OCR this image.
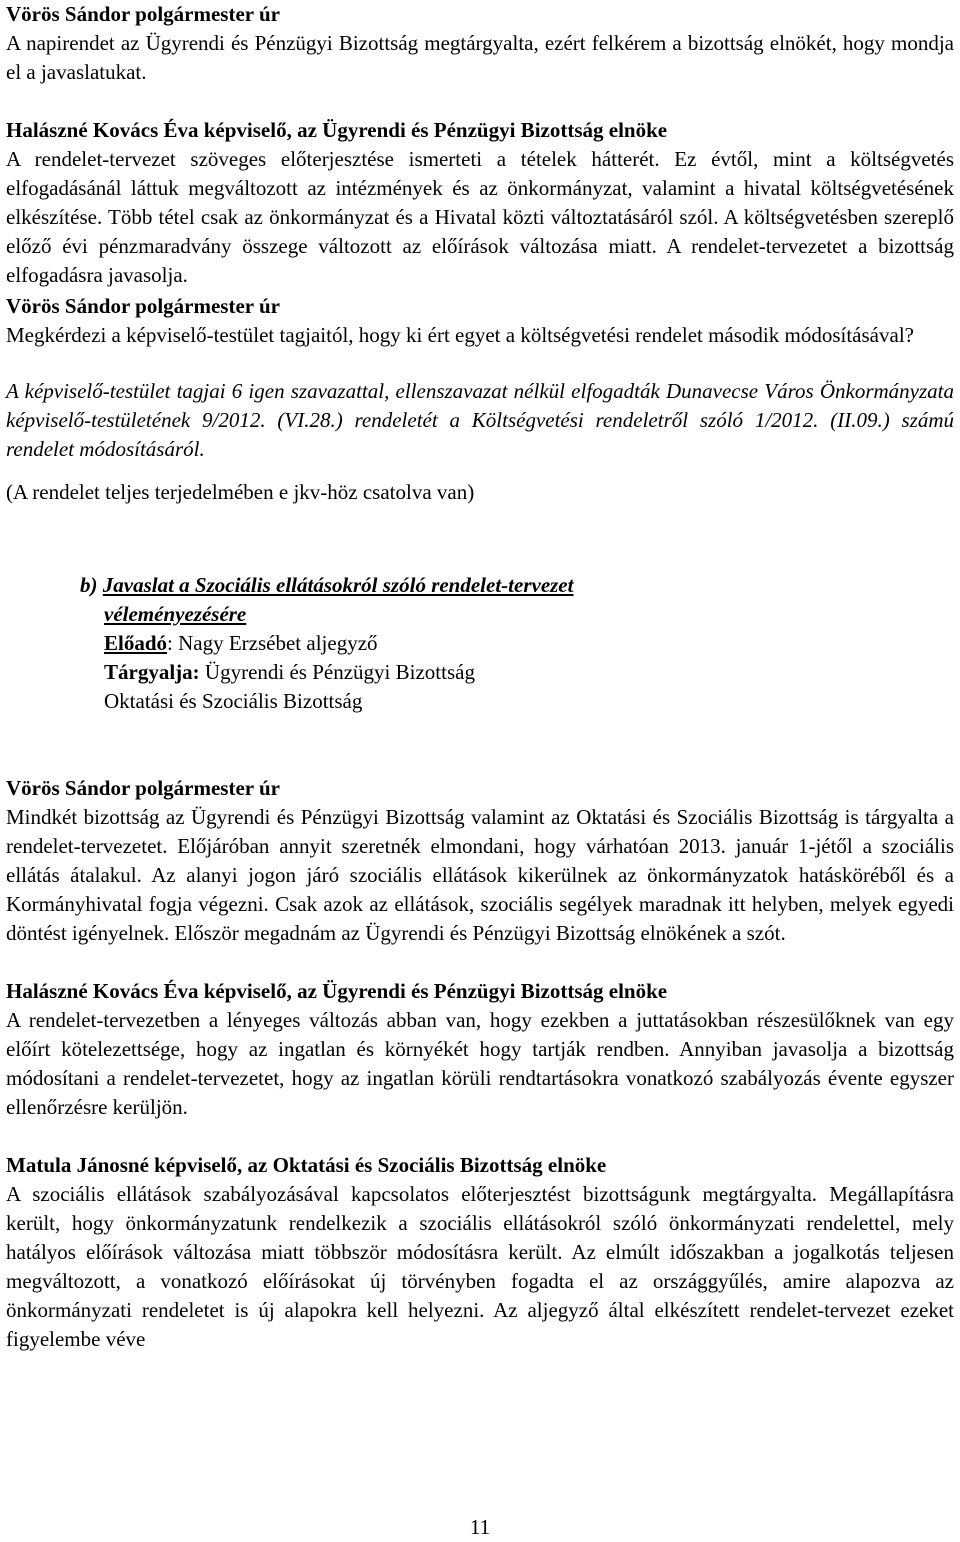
Vörös Sándor polgármester úr

A napirendet az Ügyrendi és Pénzügyi Bizottság megtárgyalta, ezért felkérem a bizottság elnökét, hogy mondja el a javaslatukat.

Halászné Kovács Éva képviselő, az Ügyrendi és Pénzügyi Bizottság elnöke

A rendelet-tervezet szöveges előterjesztése ismerteti a tételek hátterét. Ez évtől, mint a költségvetés elfogadásánál láttuk megváltozott az intézmények és az önkormányzat, valamint a hivatal költségvetésének elkészítése. Több tétel csak az önkormányzat és a Hivatal közti változtatásáról szól. A költségvetésben szereplő előző évi pénzmaradvány összege változott az előírások változása miatt. A rendelet-tervezetet a bizottság elfogadásra javasolja.

Vörös Sándor polgármester úr

Megkérdezi a képviselő-testület tagjaitól, hogy ki ért egyet a költségvetési rendelet második módosításával?

A képviselő-testület tagjai 6 igen szavazattal, ellenszavazat nélkül elfogadták Dunavecse Város Önkormányzata képviselő-testületének 9/2012. (VI.28.) rendeletét a Költségvetési rendeletről szóló 1/2012. (II.09.) számú rendelet módosításáról.

(A rendelet teljes terjedelmében e jkv-höz csatolva van)

b) Javaslat a Szociális ellátásokról szóló rendelet-tervezet
véleményezésére
Előadó: Nagy Erzsébet aljegyző
Tárgyalja: Ügyrendi és Pénzügyi Bizottság
Oktatási és Szociális Bizottság

Vörös Sándor polgármester úr

Mindkét bizottság az Ügyrendi és Pénzügyi Bizottság valamint az Oktatási és Szociális Bizottság is tárgyalta a rendelet-tervezetet. Előjáróban annyit szeretnék elmondani, hogy várhatóan 2013. január 1-jétől a szociális ellátás átalakul. Az alanyi jogon járó szociális ellátások kikerülnek az önkormányzatok hatásköréből és a Kormányhivatal fogja végezni. Csak azok az ellátások, szociális segélyek maradnak itt helyben, melyek egyedi döntést igényelnek. Először megadnám az Ügyrendi és Pénzügyi Bizottság elnökének a szót.

Halászné Kovács Éva képviselő, az Ügyrendi és Pénzügyi Bizottság elnöke

A rendelet-tervezetben a lényeges változás abban van, hogy ezekben a juttatásokban részesülőknek van egy előírt kötelezettsége, hogy az ingatlan és környékét hogy tartják rendben. Annyiban javasolja a bizottság módosítani a rendelet-tervezetet, hogy az ingatlan körüli rendtartásokra vonatkozó szabályozás évente egyszer ellenőrzésre kerüljön.

Matula Jánosné képviselő, az Oktatási és Szociális Bizottság elnöke

A szociális ellátások szabályozásával kapcsolatos előterjesztést bizottságunk megtárgyalta. Megállapításra került, hogy önkormányzatunk rendelkezik a szociális ellátásokról szóló önkormányzati rendelettel, mely hatályos előírások változása miatt többször módosításra került. Az elmúlt időszakban a jogalkotás teljesen megváltozott, a vonatkozó előírásokat új törvényben fogadta el az országgyűlés, amire alapozva az önkormányzati rendeletet is új alapokra kell helyezni. Az aljegyző által elkészített rendelet-tervezet ezeket figyelembe véve

11
